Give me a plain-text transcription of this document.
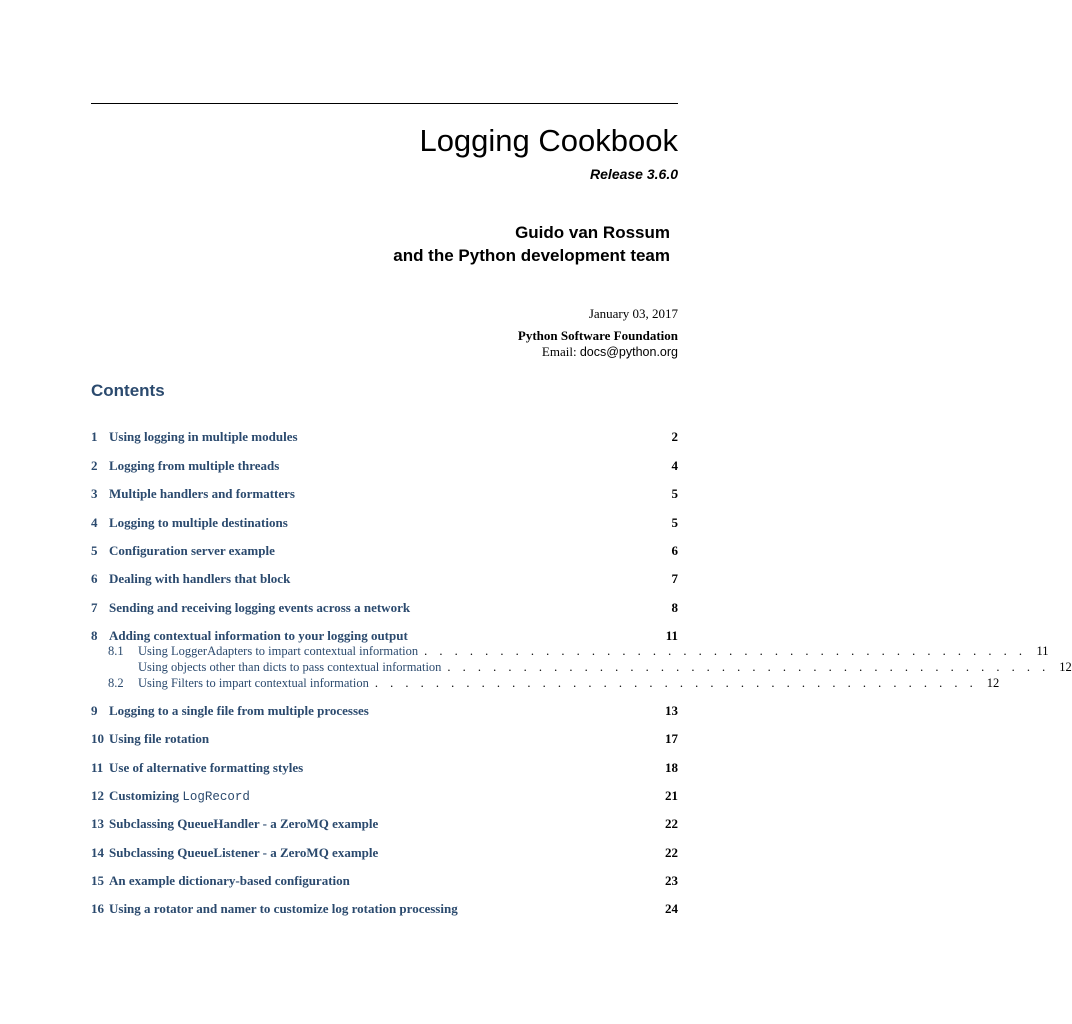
Logging Cookbook
Release 3.6.0
Guido van Rossum
and the Python development team
January 03, 2017
Python Software Foundation
Email: docs@python.org
Contents
1 Using logging in multiple modules	2
2 Logging from multiple threads	4
3 Multiple handlers and formatters	5
4 Logging to multiple destinations	5
5 Configuration server example	6
6 Dealing with handlers that block	7
7 Sending and receiving logging events across a network	8
8 Adding contextual information to your logging output	11
8.1	Using LoggerAdapters to impart contextual information . . . . . . . . . . . . . . . . . . . . . . . . . . . . . . . . . . . . . . . . 11
Using objects other than dicts to pass contextual information . . . . . . . . . . . . . . . . . . . . . . . . . . . . . . . . . . . . . . . . 12
8.2	Using Filters to impart contextual information . . . . . . . . . . . . . . . . . . . . . . . . . . . . . . . . . . . . . . . . 12
9 Logging to a single file from multiple processes	13
10 Using file rotation	17
11 Use of alternative formatting styles	18
12 Customizing LogRecord	21
13 Subclassing QueueHandler - a ZeroMQ example	22
14 Subclassing QueueListener - a ZeroMQ example	22
15 An example dictionary-based configuration	23
16 Using a rotator and namer to customize log rotation processing	24
